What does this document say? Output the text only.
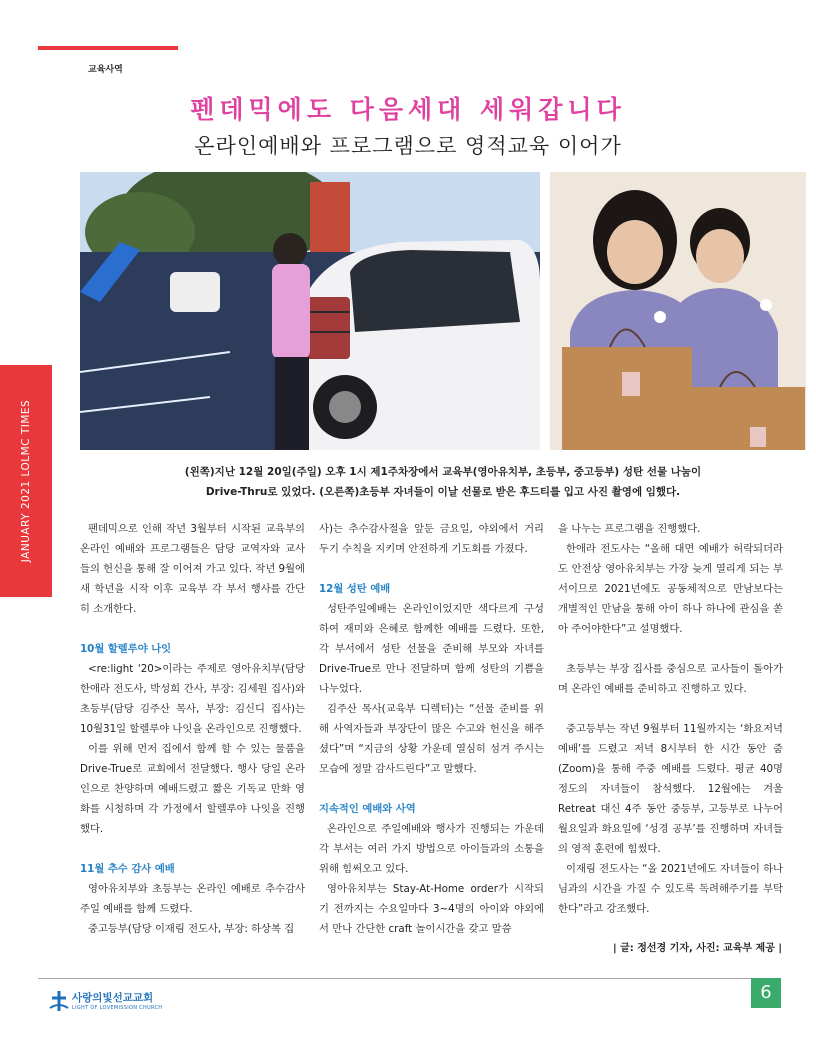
교육사역
JANUARY 2021 LOLMC TIMES
펜데믹에도 다음세대 세워갑니다
온라인예배와 프로그램으로 영적교육 이어가
(왼쪽)지난 12월 20일(주일) 오후 1시 제1주차장에서 교육부(영아유치부, 초등부, 중고등부) 성탄 선물 나눔이
Drive-Thru로 있었다. (오른쪽)초등부 자녀들이 이날 선물로 받은 후드티를 입고 사진 촬영에 임했다.

팬데믹으로 인해 작년 3월부터 시작된 교육부의 온라인 예배와 프로그램들은 담당 교역자와 교사들의 헌신을 통해 잘 이어져 가고 있다. 작년 9월에 새 학년을 시작 이후 교육부 각 부서 행사를 간단히 소개한다.

10월 할렐루야 나잇

<re:light '20>이라는 주제로 영아유치부(담당 한애라 전도사, 박성희 간사, 부장: 김세원 집사)와 초등부(담당 김주산 목사, 부장: 김신디 집사)는 10월31일 할렐루야 나잇을 온라인으로 진행했다.

이를 위해 먼저 집에서 함께 할 수 있는 물품을 Drive-True로 교회에서 전달했다. 행사 당일 온라인으로 찬양하며 예배드렸고 짧은 기독교 만화 영화를 시청하며 각 가정에서 할렐루야 나잇을 진행했다.

11월 추수 감사 예배

영아유치부와 초등부는 온라인 예배로 추수감사 주일 예배를 함께 드렸다.

중고등부(담당 이재림 전도사, 부장: 하상복 집

사)는 추수감사절을 앞둔 금요일, 야외에서 거리 두기 수칙을 지키며 안전하게 기도회를 가졌다.

12월 성탄 예배

성탄주일예배는 온라인이었지만 색다르게 구성하여 재미와 은혜로 함께한 예배를 드렸다. 또한, 각 부서에서 성탄 선물을 준비해 부모와 자녀를 Drive-True로 만나 전달하며 함께 성탄의 기쁨을 나누었다.

김주산 목사(교육부 디렉터)는 “선물 준비를 위해 사역자들과 부장단이 많은 수고와 헌신을 해주셨다”며 “지금의 상황 가운데 열심히 섬겨 주시는 모습에 정말 감사드린다”고 말했다.

지속적인 예배와 사역

온라인으로 주일예배와 행사가 진행되는 가운데 각 부서는 여러 가지 방법으로 아이들과의 소통을 위해 힘써오고 있다.

영아유치부는 Stay-At-Home order가 시작되기 전까지는 수요일마다 3~4명의 아이와 야외에서 만나 간단한 craft 놀이시간을 갖고 말씀

을 나누는 프로그램을 진행했다.

한애라 전도사는 “올해 대면 예배가 허락되더라도 안전상 영아유치부는 가장 늦게 열리게 되는 부서이므로 2021년에도 공동체적으로 만남보다는 개별적인 만남을 통해 아이 하나 하나에 관심을 쏟아 주어야한다”고 설명했다.

초등부는 부장 집사를 중심으로 교사들이 돌아가며 온라인 예배를 준비하고 진행하고 있다.

중고등부는 작년 9월부터 11월까지는 ‘화요저녁 예배’를 드렸고 저녁 8시부터 한 시간 동안 줌(Zoom)을 통해 주중 예배를 드렸다. 평균 40명 정도의 자녀들이 참석했다. 12월에는 겨울 Retreat 대신 4주 동안 중등부, 고등부로 나누어 월요일과 화요일에 ‘성경 공부’를 진행하며 자녀들의 영적 훈련에 힘썼다.

이재림 전도사는 “올 2021년에도 자녀들이 하나님과의 시간을 가질 수 있도록 독려해주기를 부탁한다”라고 강조했다.

| 글: 정선경 기자, 사진: 교육부 제공 |
사랑의빛선교교회
LIGHT OF LOVEMISSION CHURCH
6
